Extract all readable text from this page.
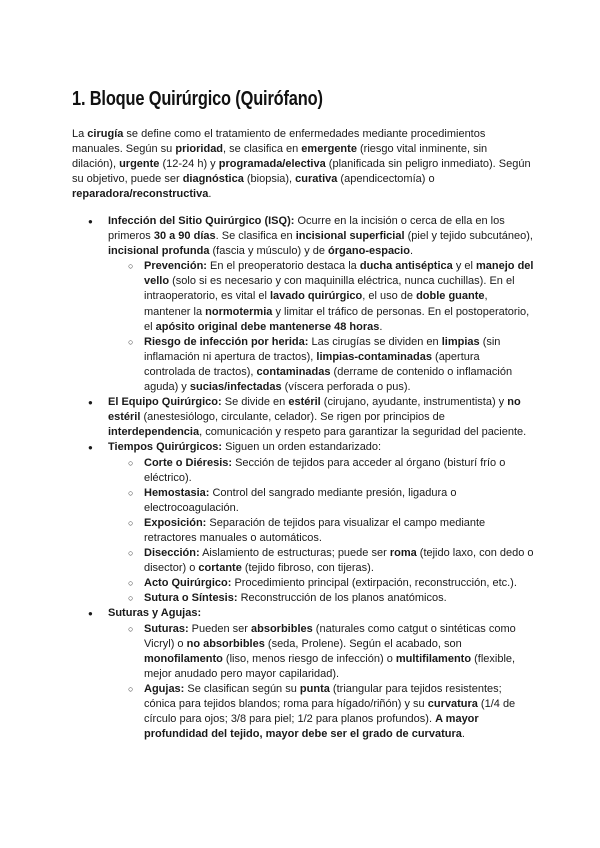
1. Bloque Quirúrgico (Quirófano)

La cirugía se define como el tratamiento de enfermedades mediante procedimientos manuales. Según su prioridad, se clasifica en emergente (riesgo vital inminente, sin dilación), urgente (12-24 h) y programada/electiva (planificada sin peligro inmediato). Según su objetivo, puede ser diagnóstica (biopsia), curativa (apendicectomía) o reparadora/reconstructiva.

● Infección del Sitio Quirúrgico (ISQ): Ocurre en la incisión o cerca de ella en los primeros 30 a 90 días. Se clasifica en incisional superficial (piel y tejido subcutáneo), incisional profunda (fascia y músculo) y de órgano-espacio.

○ Prevención: En el preoperatorio destaca la ducha antiséptica y el manejo del vello (solo si es necesario y con maquinilla eléctrica, nunca cuchillas). En el intraoperatorio, es vital el lavado quirúrgico, el uso de doble guante, mantener la normotermia y limitar el tráfico de personas. En el postoperatorio, el apósito original debe mantenerse 48 horas.

○ Riesgo de infección por herida: Las cirugías se dividen en limpias (sin inflamación ni apertura de tractos), limpias-contaminadas (apertura controlada de tractos), contaminadas (derrame de contenido o inflamación aguda) y sucias/infectadas (víscera perforada o pus).

● El Equipo Quirúrgico: Se divide en estéril (cirujano, ayudante, instrumentista) y no estéril (anestesiólogo, circulante, celador). Se rigen por principios de interdependencia, comunicación y respeto para garantizar la seguridad del paciente.

● Tiempos Quirúrgicos: Siguen un orden estandarizado:

○ Corte o Diéresis: Sección de tejidos para acceder al órgano (bisturí frío o eléctrico).

○ Hemostasia: Control del sangrado mediante presión, ligadura o electrocoagulación.

○ Exposición: Separación de tejidos para visualizar el campo mediante retractores manuales o automáticos.

○ Disección: Aislamiento de estructuras; puede ser roma (tejido laxo, con dedo o disector) o cortante (tejido fibroso, con tijeras).

○ Acto Quirúrgico: Procedimiento principal (extirpación, reconstrucción, etc.).

○ Sutura o Síntesis: Reconstrucción de los planos anatómicos.

● Suturas y Agujas:

○ Suturas: Pueden ser absorbibles (naturales como catgut o sintéticas como Vicryl) o no absorbibles (seda, Prolene). Según el acabado, son monofilamento (liso, menos riesgo de infección) o multifilamento (flexible, mejor anudado pero mayor capilaridad).

○ Agujas: Se clasifican según su punta (triangular para tejidos resistentes; cónica para tejidos blandos; roma para hígado/riñón) y su curvatura (1/4 de círculo para ojos; 3/8 para piel; 1/2 para planos profundos). A mayor profundidad del tejido, mayor debe ser el grado de curvatura.
